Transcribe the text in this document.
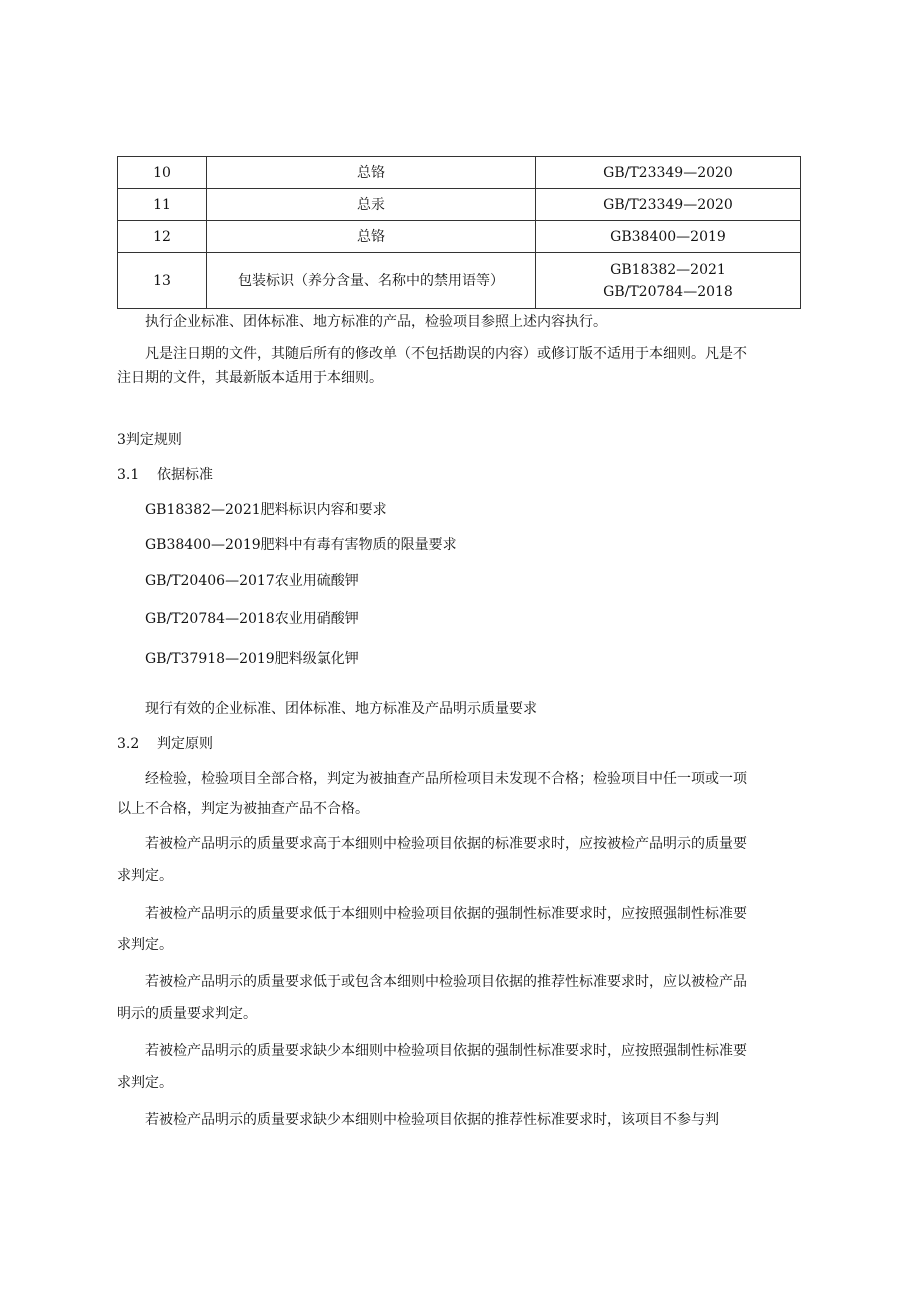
10	总铬	GB/T23349—2020
11	总汞	GB/T23349—2020
12	总铬	GB38400—2019
13	包装标识（养分含量、名称中的禁用语等）	GB18382—2021
GB/T20784—2018
执行企业标准、团体标准、地方标准的产品，检验项目参照上述内容执行。
凡是注日期的文件，其随后所有的修改单（不包括勘误的内容）或修订版不适用于本细则。凡是不
注日期的文件，其最新版本适用于本细则。
3判定规则
3.1 依据标准
GB18382—2021肥料标识内容和要求
GB38400—2019肥料中有毒有害物质的限量要求
GB/T20406—2017农业用硫酸钾
GB/T20784—2018农业用硝酸钾
GB/T37918—2019肥料级氯化钾
现行有效的企业标准、团体标准、地方标准及产品明示质量要求
3.2 判定原则
经检验，检验项目全部合格，判定为被抽查产品所检项目未发现不合格；检验项目中任一项或一项
以上不合格，判定为被抽查产品不合格。
若被检产品明示的质量要求高于本细则中检验项目依据的标准要求时，应按被检产品明示的质量要
求判定。
若被检产品明示的质量要求低于本细则中检验项目依据的强制性标准要求时，应按照强制性标准要
求判定。
若被检产品明示的质量要求低于或包含本细则中检验项目依据的推荐性标准要求时，应以被检产品
明示的质量要求判定。
若被检产品明示的质量要求缺少本细则中检验项目依据的强制性标准要求时，应按照强制性标准要
求判定。
若被检产品明示的质量要求缺少本细则中检验项目依据的推荐性标准要求时，该项目不参与判
